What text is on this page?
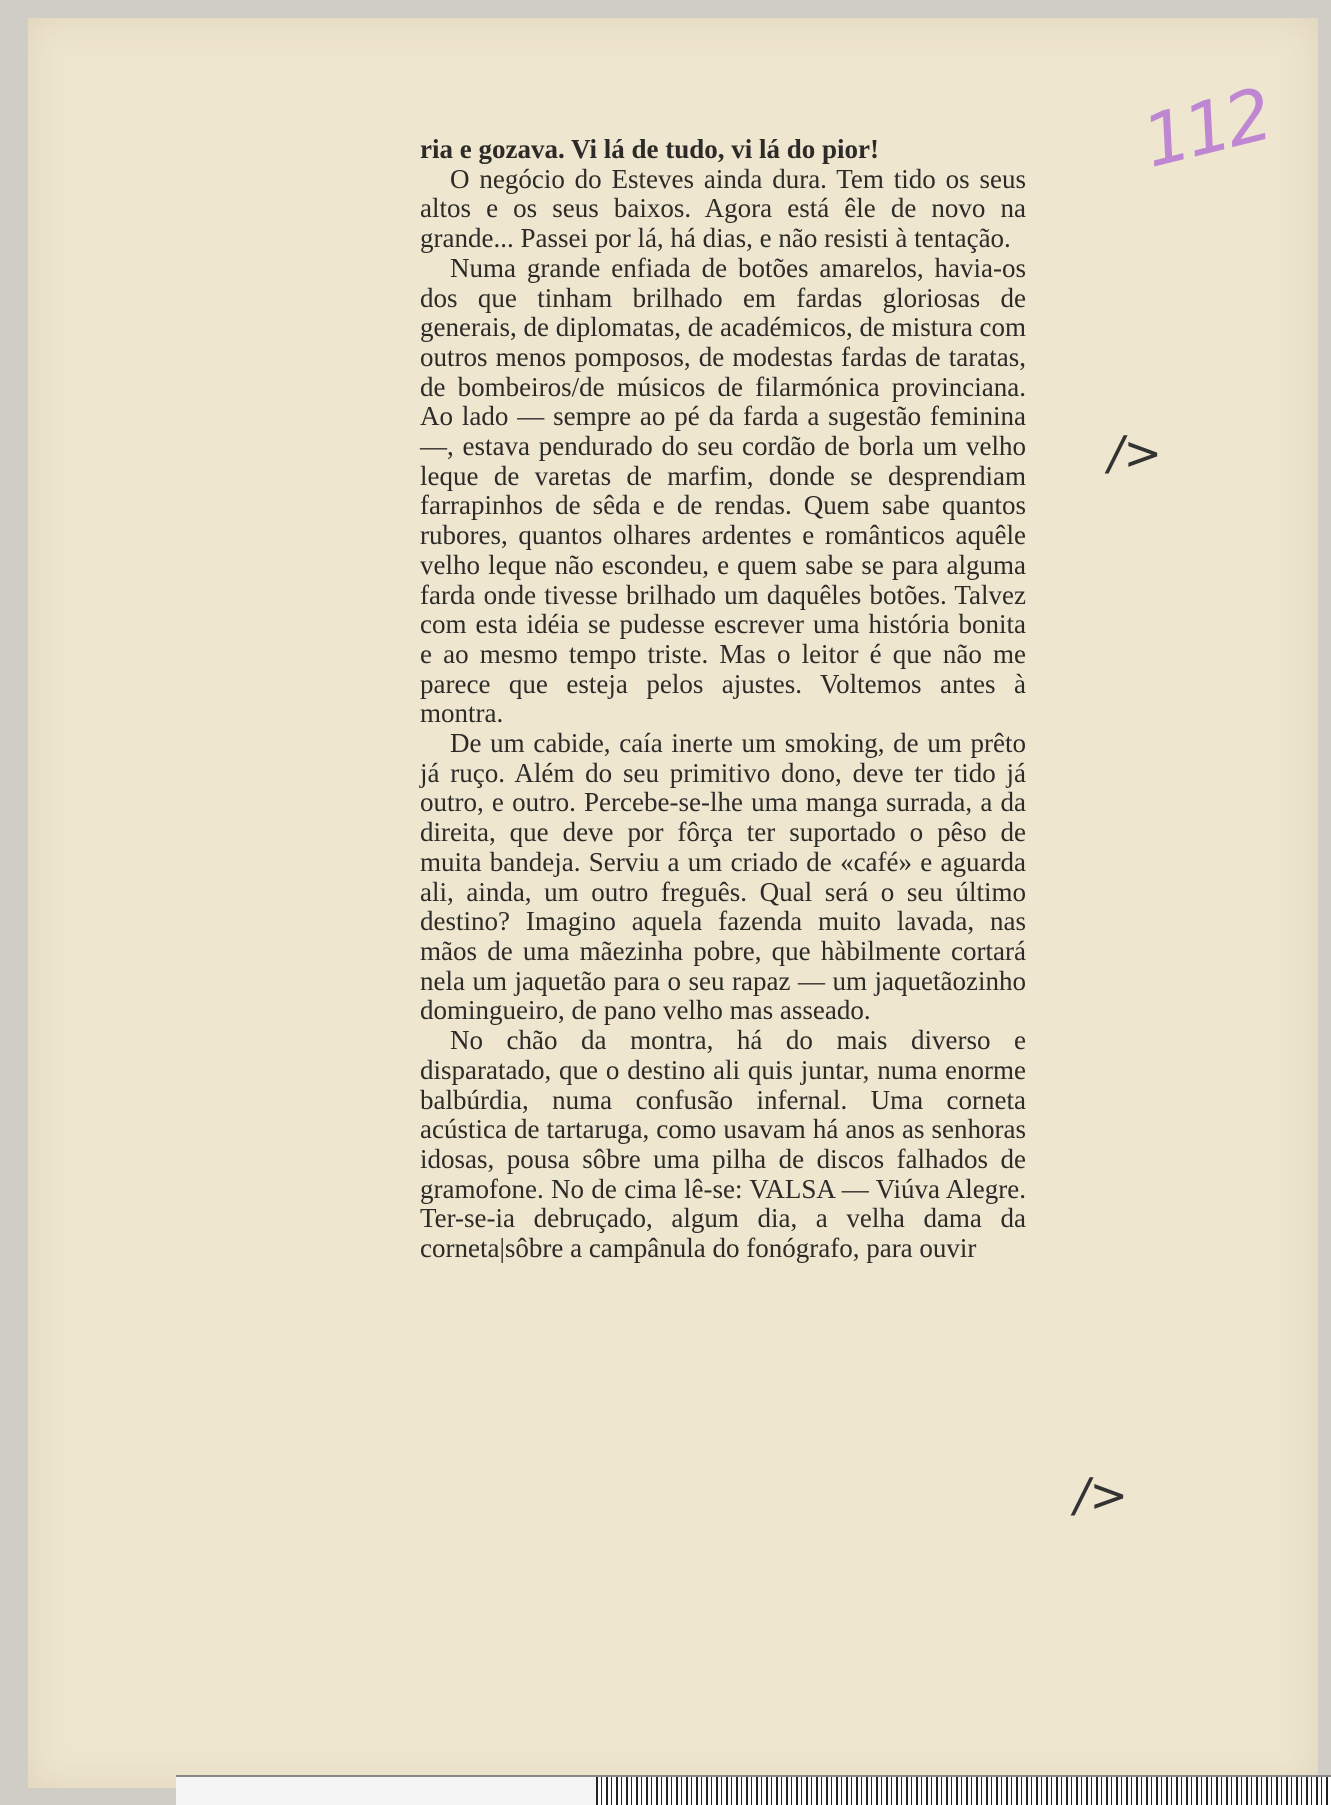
112
/>

ria e gozava. Vi lá de tudo, vi lá do pior!

O negócio do Esteves ainda dura. Tem tido os seus altos e os seus baixos. Agora está êle de novo na grande... Passei por lá, há dias, e não resisti à tentação.

Numa grande enfiada de botões amarelos, havia-os dos que tinham brilhado em fardas gloriosas de generais, de diplomatas, de académicos, de mistura com outros menos pomposos, de modestas fardas de taratas, de bombeiros/de músicos de filarmónica provinciana. Ao lado — sempre ao pé da farda a sugestão feminina —, estava pendurado do seu cordão de borla um velho leque de varetas de marfim, donde se desprendiam farrapinhos de sêda e de rendas. Quem sabe quantos rubores, quantos olhares ardentes e românticos aquêle velho leque não escondeu, e quem sabe se para alguma farda onde tivesse brilhado um daquêles botões. Talvez com esta idéia se pudesse escrever uma história bonita e ao mesmo tempo triste. Mas o leitor é que não me parece que esteja pelos ajustes. Voltemos antes à montra.

De um cabide, caía inerte um smoking, de um prêto já ruço. Além do seu primitivo dono, deve ter tido já outro, e outro. Percebe-se-lhe uma manga surrada, a da direita, que deve por fôrça ter suportado o pêso de muita bandeja. Serviu a um criado de «café» e aguarda ali, ainda, um outro freguês. Qual será o seu último destino? Imagino aquela fazenda muito lavada, nas mãos de uma mãezinha pobre, que hàbilmente cortará nela um jaquetão para o seu rapaz — um jaquetãozinho domingueiro, de pano velho mas asseado.

No chão da montra, há do mais diverso e disparatado, que o destino ali quis juntar, numa enorme balbúrdia, numa confusão infernal. Uma corneta acústica de tartaruga, como usavam há anos as senhoras idosas, pousa sôbre uma pilha de discos falhados de gramofone. No de cima lê-se: VALSA — Viúva Alegre. Ter-se-ia debruçado, algum dia, a velha dama da corneta|sôbre a campânula do fonógrafo, para ouvir

/>
